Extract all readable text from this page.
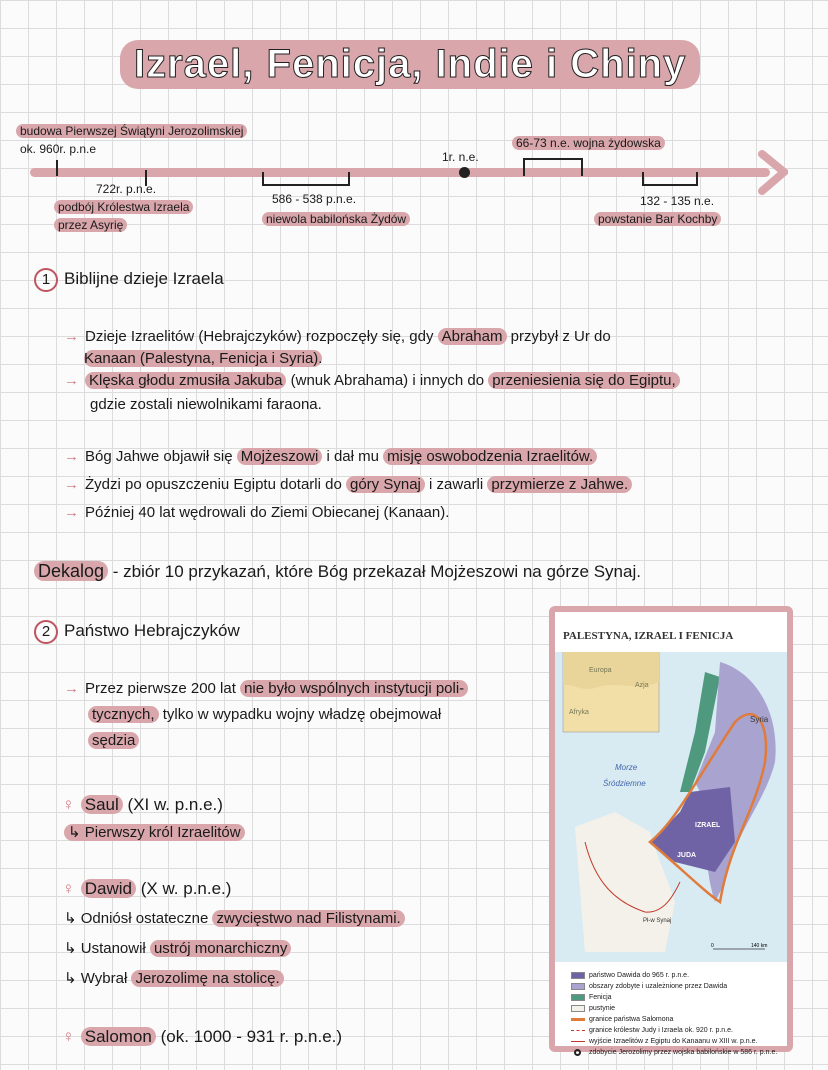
Izrael, Fenicja, Indie i Chiny
budowa Pierwszej Świątyni Jerozolimskiej
ok. 960r. p.n.e
722r. p.n.e.
podbój Królestwa Izraela
przez Asyrię
586 - 538 p.n.e.
niewola babilońska Żydów
1r. n.e.
66-73 n.e. wojna żydowska
132 - 135 n.e.
powstanie Bar Kochby
1 Biblijne dzieje Izraela
→ Dzieje Izraelitów (Hebrajczyków) rozpoczęły się, gdy Abraham przybył z Ur do
Kanaan (Palestyna, Fenicja i Syria).
→ Klęska głodu zmusiła Jakuba (wnuk Abrahama) i innych do przeniesienia się do Egiptu,
gdzie zostali niewolnikami faraona.
→ Bóg Jahwe objawił się Mojżeszowi i dał mu misję oswobodzenia Izraelitów.
→ Żydzi po opuszczeniu Egiptu dotarli do góry Synaj i zawarli przymierze z Jahwe.
→ Później 40 lat wędrowali do Ziemi Obiecanej (Kanaan).
Dekalog - zbiór 10 przykazań, które Bóg przekazał Mojżeszowi na górze Synaj.
2 Państwo Hebrajczyków
→ Przez pierwsze 200 lat nie było wspólnych instytucji poli-
tycznych, tylko w wypadku wojny władzę obejmował
sędzia
♀ Saul (XI w. p.n.e.)
↳ Pierwszy król Izraelitów
♀ Dawid (X w. p.n.e.)
↳ Odniósł ostateczne zwycięstwo nad Filistynami.
↳ Ustanowił ustrój monarchiczny
↳ Wybrał Jerozolimę na stolicę.
♀ Salomon (ok. 1000 - 931 r. p.n.e.)
PALESTYNA, IZRAEL I FENICJA
Europa
Azja
Afryka
Morze
Śródziemne
Syria
IZRAEL
JUDA
Pł-w Synaj
0	140 km
państwo Dawida do 965 r. p.n.e.
obszary zdobyte i uzależnione przez Dawida
Fenicja
pustynie
granice państwa Salomona
granice królestw Judy i Izraela ok. 920 r. p.n.e.
wyjście Izraelitów z Egiptu do Kanaanu w XIII w. p.n.e.
zdobycie Jerozolimy przez wojska babilońskie w 586 r. p.n.e.
